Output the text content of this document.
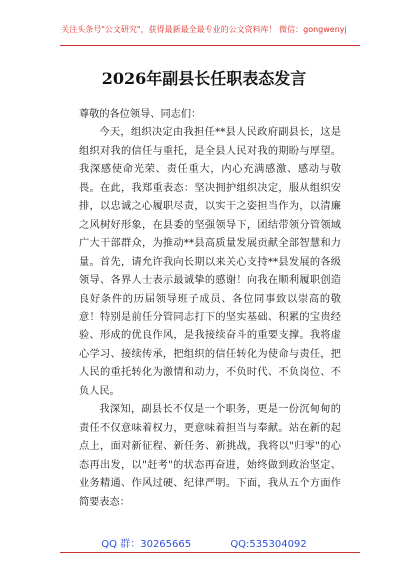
关注头条号"公文研究"，获得最新最全最专业的公文资料库！ 微信：gongwenyj
2026年副县长任职表态发言

尊敬的各位领导、同志们：

今天，组织决定由我担任**县人民政府副县长，这是组织对我的信任与重托，是全县人民对我的期盼与厚望。我深感使命光荣、责任重大，内心充满感激、感动与敬畏。在此，我郑重表态：坚决拥护组织决定，服从组织安排，以忠诚之心履职尽责，以实干之姿担当作为，以清廉之风树好形象，在县委的坚强领导下，团结带领分管领域广大干部群众，为推动**县高质量发展贡献全部智慧和力量。首先，请允许我向长期以来关心支持**县发展的各级领导、各界人士表示最诚挚的感谢！向我在顺利履职创造良好条件的历届领导班子成员、各位同事致以崇高的敬意！特别是前任分管同志打下的坚实基础、积累的宝贵经验、形成的优良作风，是我接续奋斗的重要支撑。我将虚心学习、接续传承，把组织的信任转化为使命与责任，把人民的重托转化为激情和动力，不负时代、不负岗位、不负人民。

我深知，副县长不仅是一个职务，更是一份沉甸甸的责任不仅意味着权力，更意味着担当与奉献。站在新的起点上，面对新征程、新任务、新挑战，我将以"归零"的心态再出发，以"赶考"的状态再奋进，始终做到政治坚定、业务精通、作风过硬、纪律严明。下面，我从五个方面作简要表态：

QQ 群：30265665	QQ:535304092
